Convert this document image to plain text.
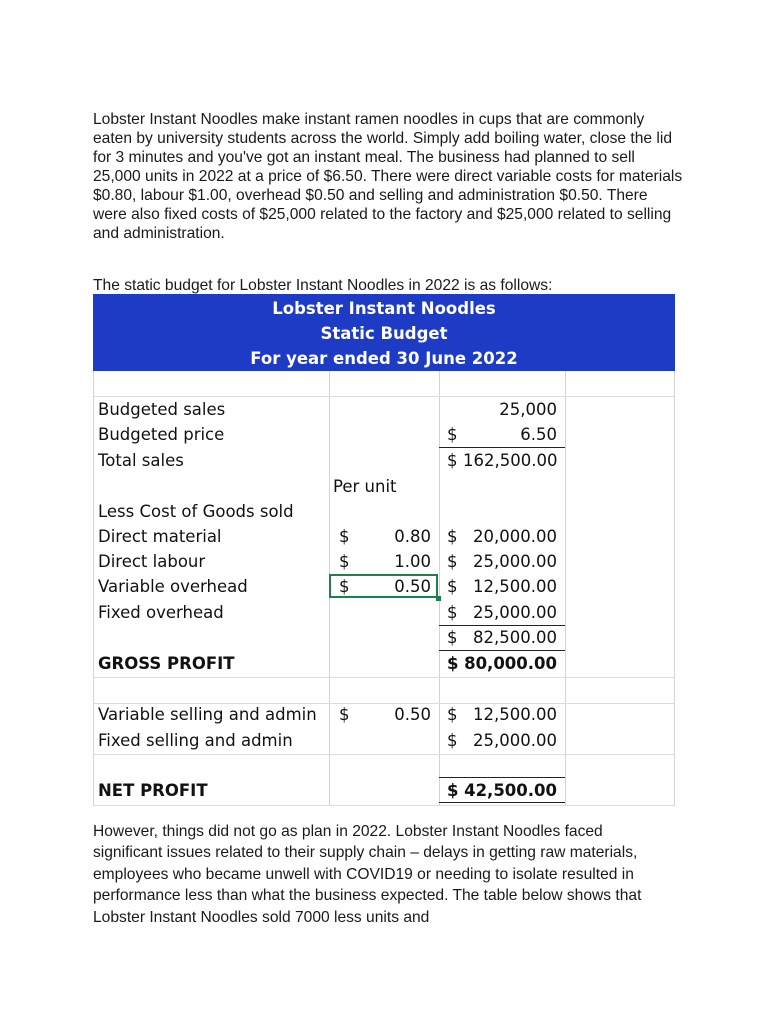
Lobster Instant Noodles make instant ramen noodles in cups that are commonly eaten by university students across the world. Simply add boiling water, close the lid for 3 minutes and you've got an instant meal. The business had planned to sell 25,000 units in 2022 at a price of $6.50. There were direct variable costs for materials $0.80, labour $1.00, overhead $0.50 and selling and administration $0.50. There were also fixed costs of $25,000 related to the factory and $25,000 related to selling and administration.

The static budget for Lobster Instant Noodles in 2022 is as follows:

Lobster Instant Noodles
Static Budget
For year ended 30 June 2022
Budgeted sales	25,000
Budgeted price	$	6.50
Total sales	$ 162,500.00
Per unit
Less Cost of Goods sold
Direct material	$	0.80 $ 20,000.00
Direct labour	$	1.00 $ 25,000.00
Variable overhead	$	0.50 $ 12,500.00
Fixed overhead	$ 25,000.00
$ 82,500.00
GROSS PROFIT	$ 80,000.00
Variable selling and admin $	0.50 $ 12,500.00
Fixed selling and admin	$ 25,000.00
NET PROFIT	$ 42,500.00

However, things did not go as plan in 2022. Lobster Instant Noodles faced significant issues related to their supply chain – delays in getting raw materials, employees who became unwell with COVID19 or needing to isolate resulted in performance less than what the business expected. The table below shows that Lobster Instant Noodles sold 7000 less units and
